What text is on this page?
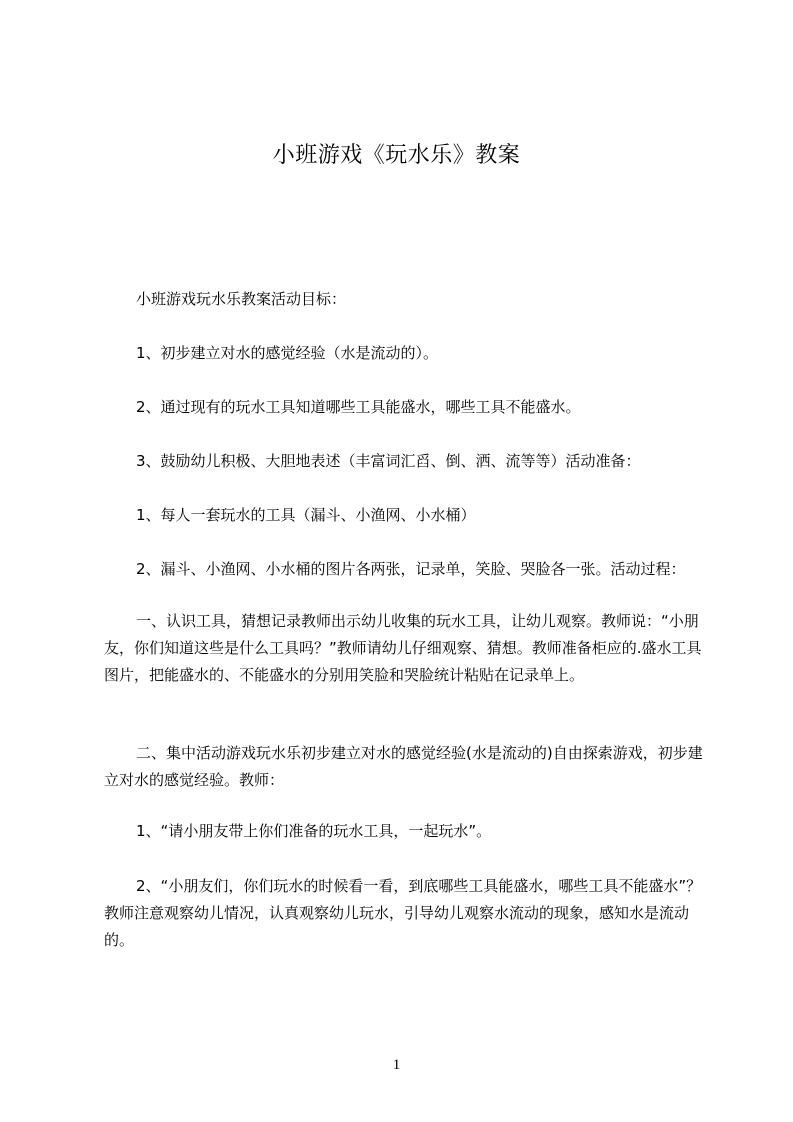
小班游戏《玩水乐》教案
小班游戏玩水乐教案活动目标：
1、初步建立对水的感觉经验（水是流动的）。
2、通过现有的玩水工具知道哪些工具能盛水，哪些工具不能盛水。
3、鼓励幼儿积极、大胆地表述（丰富词汇舀、倒、洒、流等等）活动准备：
1、每人一套玩水的工具（漏斗、小渔网、小水桶）
2、漏斗、小渔网、小水桶的图片各两张，记录单，笑脸、哭脸各一张。活动过程：
一、认识工具，猜想记录教师出示幼儿收集的玩水工具，让幼儿观察。教师说：“小朋友，你们知道这些是什么工具吗？”教师请幼儿仔细观察、猜想。教师准备柜应的.盛水工具图片，把能盛水的、不能盛水的分别用笑脸和哭脸统计粘贴在记录单上。
二、集中活动游戏玩水乐初步建立对水的感觉经验(水是流动的)自由探索游戏，初步建立对水的感觉经验。教师：
1、“请小朋友带上你们准备的玩水工具，一起玩水”。
2、“小朋友们，你们玩水的时候看一看，到底哪些工具能盛水，哪些工具不能盛水”？教师注意观察幼儿情况，认真观察幼儿玩水，引导幼儿观察水流动的现象，感知水是流动的。
1
